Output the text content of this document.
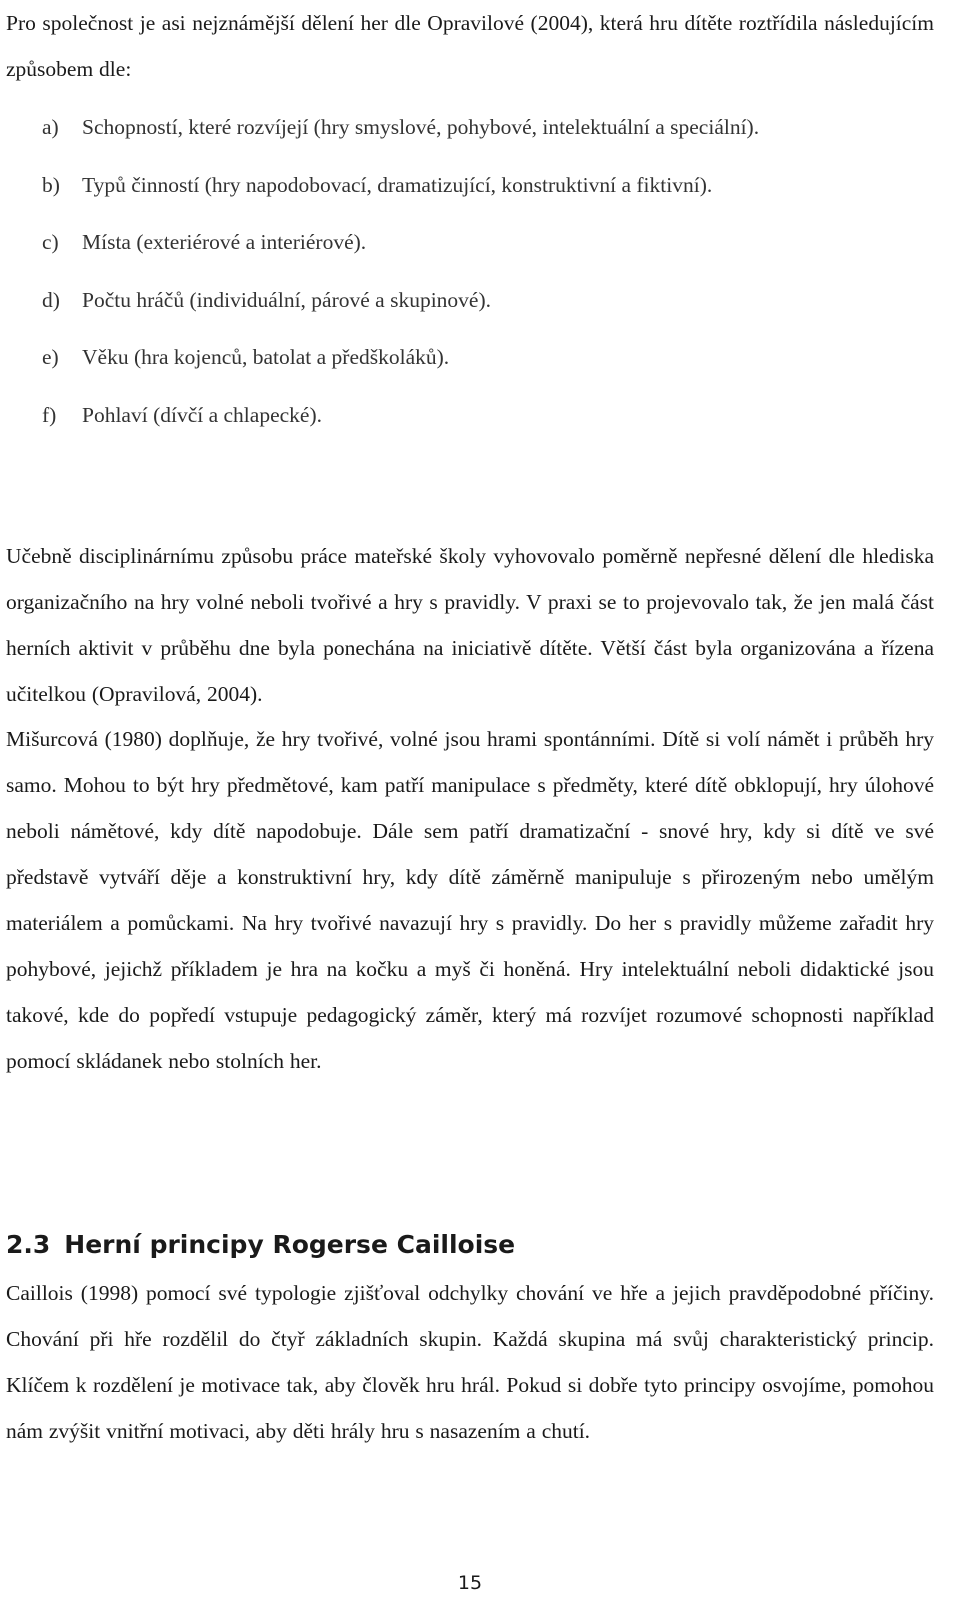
Pro společnost je asi nejznámější dělení her dle Opravilové (2004), která hru dítěte roztřídila následujícím způsobem dle:

a) Schopností, které rozvíjejí (hry smyslové, pohybové, intelektuální a speciální).
b) Typů činností (hry napodobovací, dramatizující, konstruktivní a fiktivní).
c) Místa (exteriérové a interiérové).
d) Počtu hráčů (individuální, párové a skupinové).
e) Věku (hra kojenců, batolat a předškoláků).
f) Pohlaví (dívčí a chlapecké).

Učebně disciplinárnímu způsobu práce mateřské školy vyhovovalo poměrně nepřesné dělení dle hlediska organizačního na hry volné neboli tvořivé a hry s pravidly. V praxi se to projevovalo tak, že jen malá část herních aktivit v průběhu dne byla ponechána na iniciativě dítěte. Větší část byla organizována a řízena učitelkou (Opravilová, 2004).

Mišurcová (1980) doplňuje, že hry tvořivé, volné jsou hrami spontánními. Dítě si volí námět i průběh hry samo. Mohou to být hry předmětové, kam patří manipulace s předměty, které dítě obklopují, hry úlohové neboli námětové, kdy dítě napodobuje. Dále sem patří dramatizační - snové hry, kdy si dítě ve své představě vytváří děje a konstruktivní hry, kdy dítě záměrně manipuluje s přirozeným nebo umělým materiálem a pomůckami. Na hry tvořivé navazují hry s pravidly. Do her s pravidly můžeme zařadit hry pohybové, jejichž příkladem je hra na kočku a myš či honěná. Hry intelektuální neboli didaktické jsou takové, kde do popředí vstupuje pedagogický záměr, který má rozvíjet rozumové schopnosti například pomocí skládanek nebo stolních her.

2.3 Herní principy Rogerse Cailloise

Caillois (1998) pomocí své typologie zjišťoval odchylky chování ve hře a jejich pravděpodobné příčiny. Chování při hře rozdělil do čtyř základních skupin. Každá skupina má svůj charakteristický princip. Klíčem k rozdělení je motivace tak, aby člověk hru hrál. Pokud si dobře tyto principy osvojíme, pomohou nám zvýšit vnitřní motivaci, aby děti hrály hru s nasazením a chutí.

15
